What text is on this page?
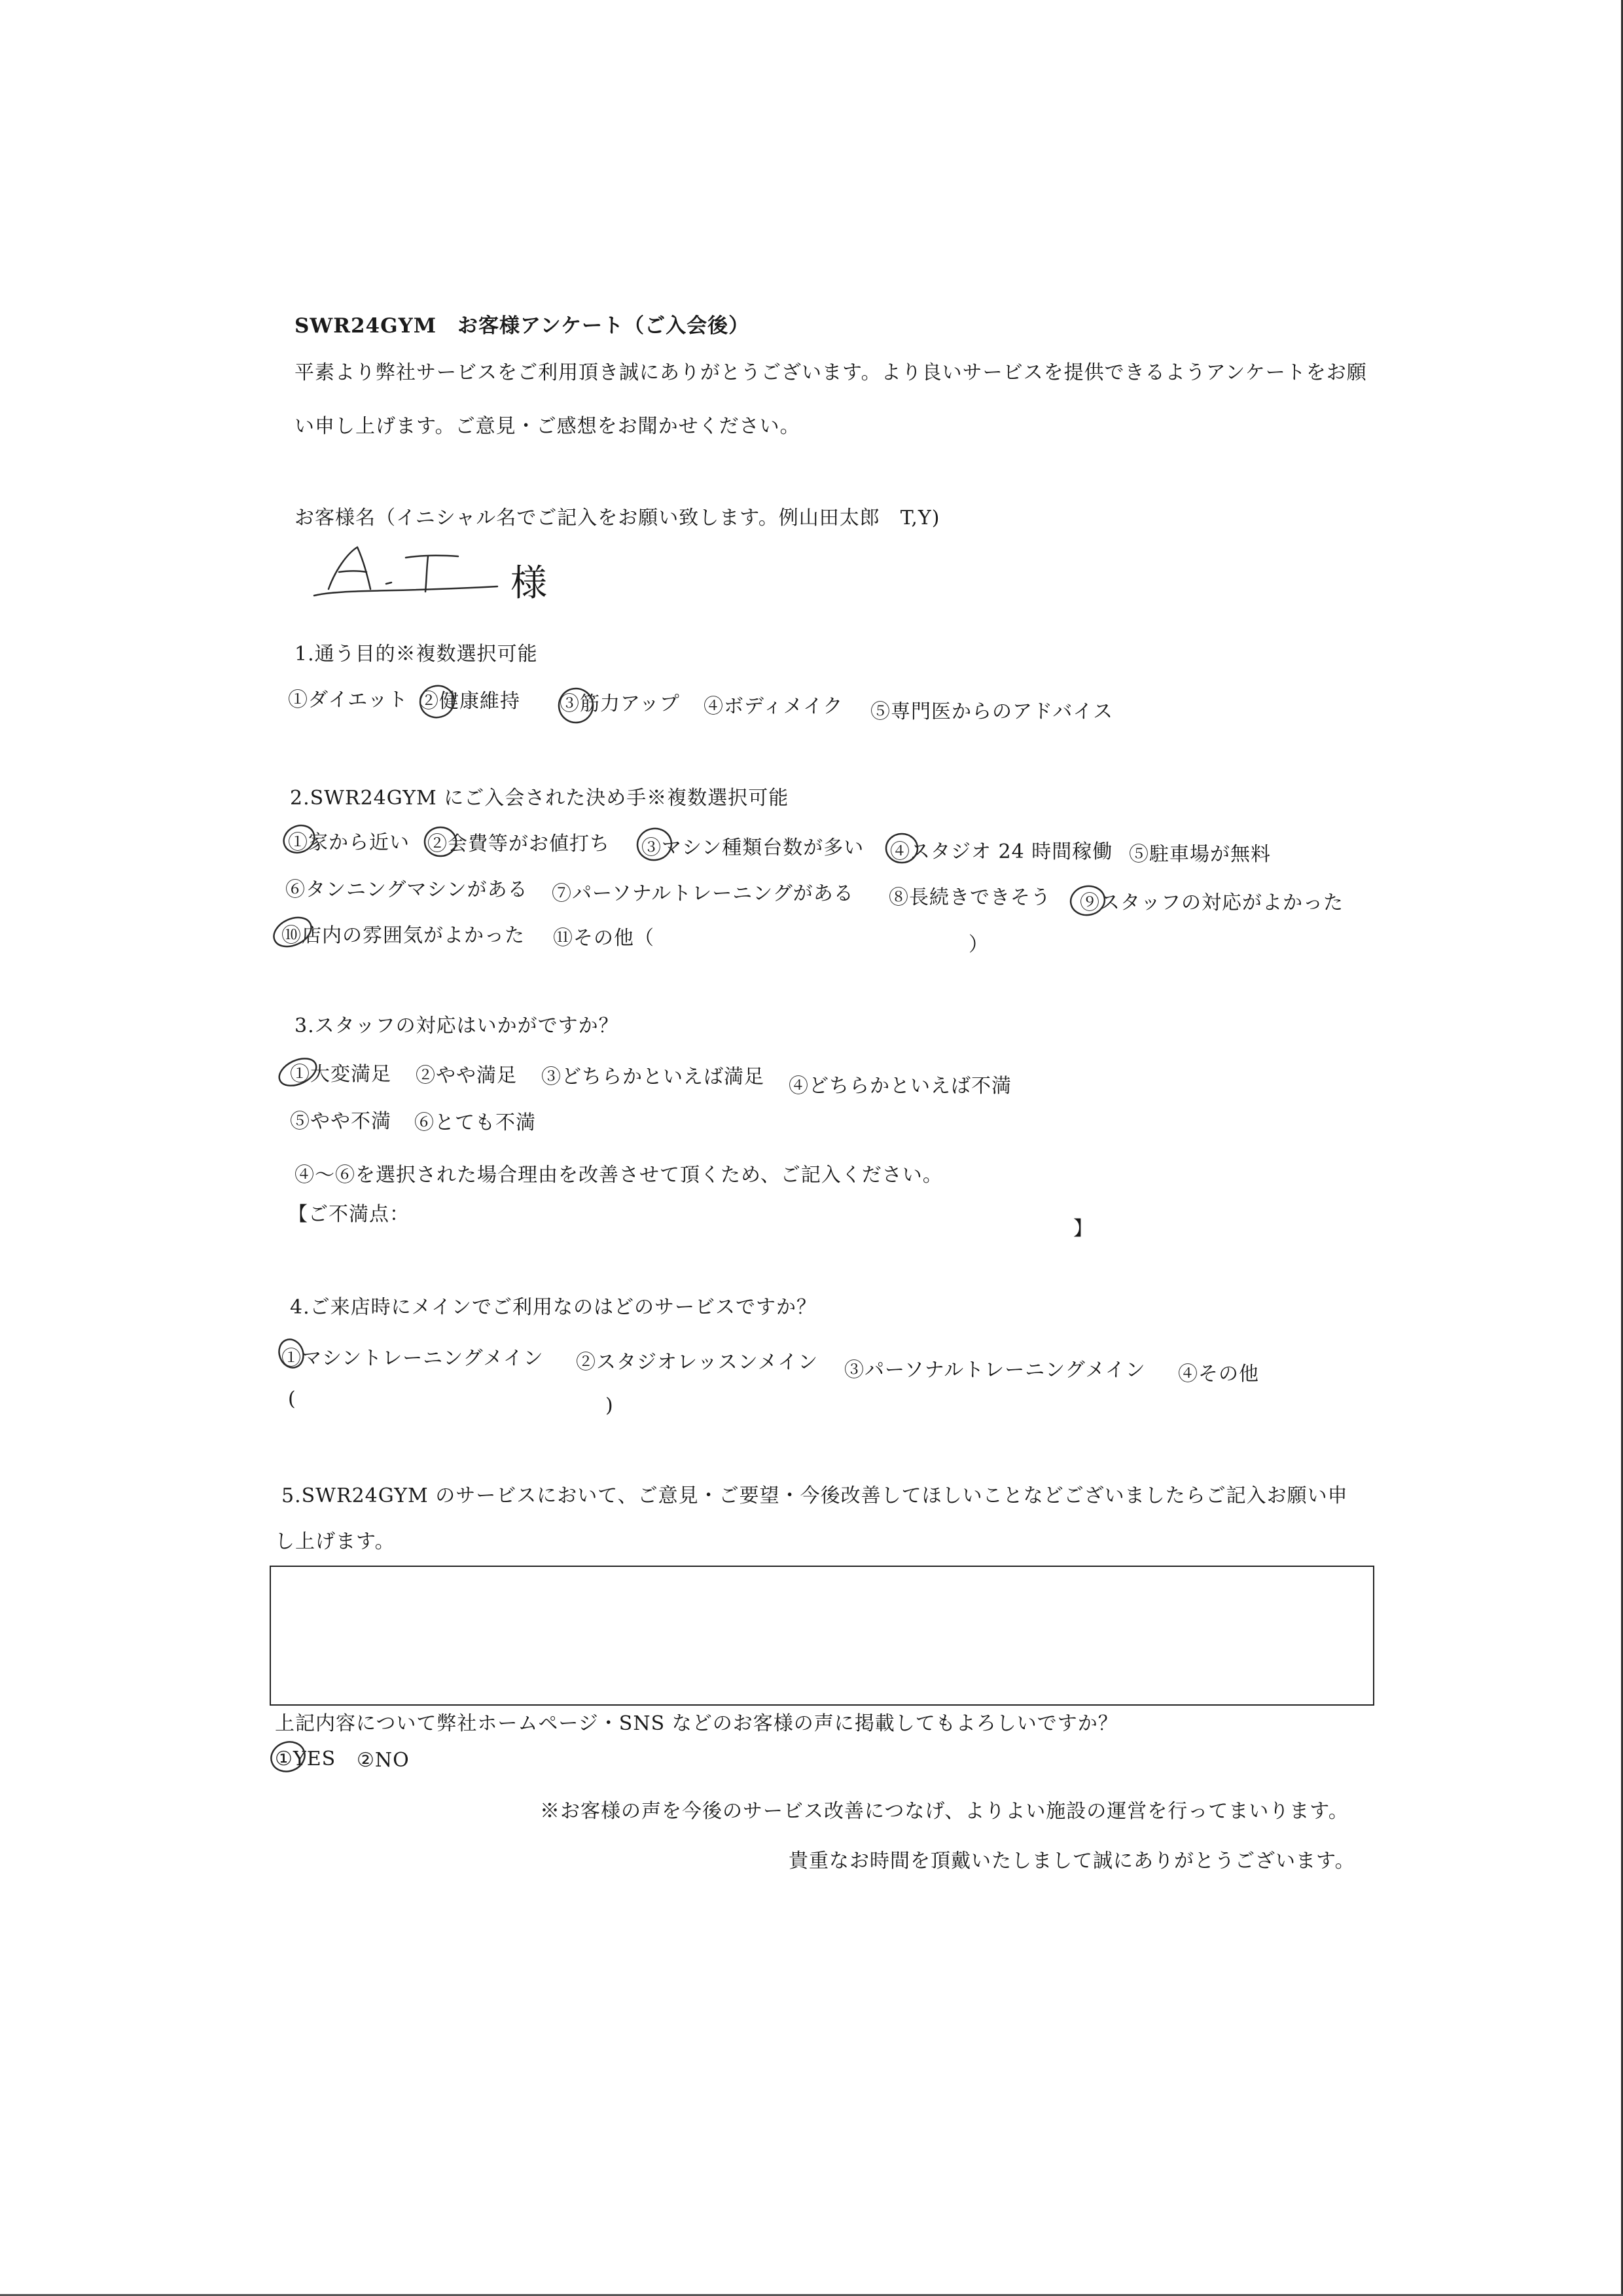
SWR24GYM　お客様アンケート（ご入会後）
平素より弊社サービスをご利用頂き誠にありがとうございます。より良いサービスを提供できるようアンケートをお願
い申し上げます。ご意見・ご感想をお聞かせください。
お客様名（イニシャル名でご記入をお願い致します。例山田太郎　T,Y)
様
1.通う目的※複数選択可能
①ダイエット ②健康維持 ③筋力アップ ④ボディメイク ⑤専門医からのアドバイス
2.SWR24GYM にご入会された決め手※複数選択可能
①家から近い ②会費等がお値打ち ③マシン種類台数が多い ④スタジオ 24 時間稼働 ⑤駐車場が無料
⑥タンニングマシンがある ⑦パーソナルトレーニングがある ⑧長続きできそう ⑨スタッフの対応がよかった
⑩店内の雰囲気がよかった ⑪その他（	）
3.スタッフの対応はいかがですか？
①大変満足 ②やや満足 ③どちらかといえば満足 ④どちらかといえば不満
⑤やや不満 ⑥とても不満
④～⑥を選択された場合理由を改善させて頂くため、ご記入ください。
【ご不満点：
】
4.ご来店時にメインでご利用なのはどのサービスですか？
①マシントレーニングメイン ②スタジオレッスンメイン ③パーソナルトレーニングメイン ④その他
(	)
5.SWR24GYM のサービスにおいて、ご意見・ご要望・今後改善してほしいことなどございましたらご記入お願い申
し上げます。
上記内容について弊社ホームページ・SNS などのお客様の声に掲載してもよろしいですか？
①YES ②NO
※お客様の声を今後のサービス改善につなげ、よりよい施設の運営を行ってまいります。
貴重なお時間を頂戴いたしまして誠にありがとうございます。
